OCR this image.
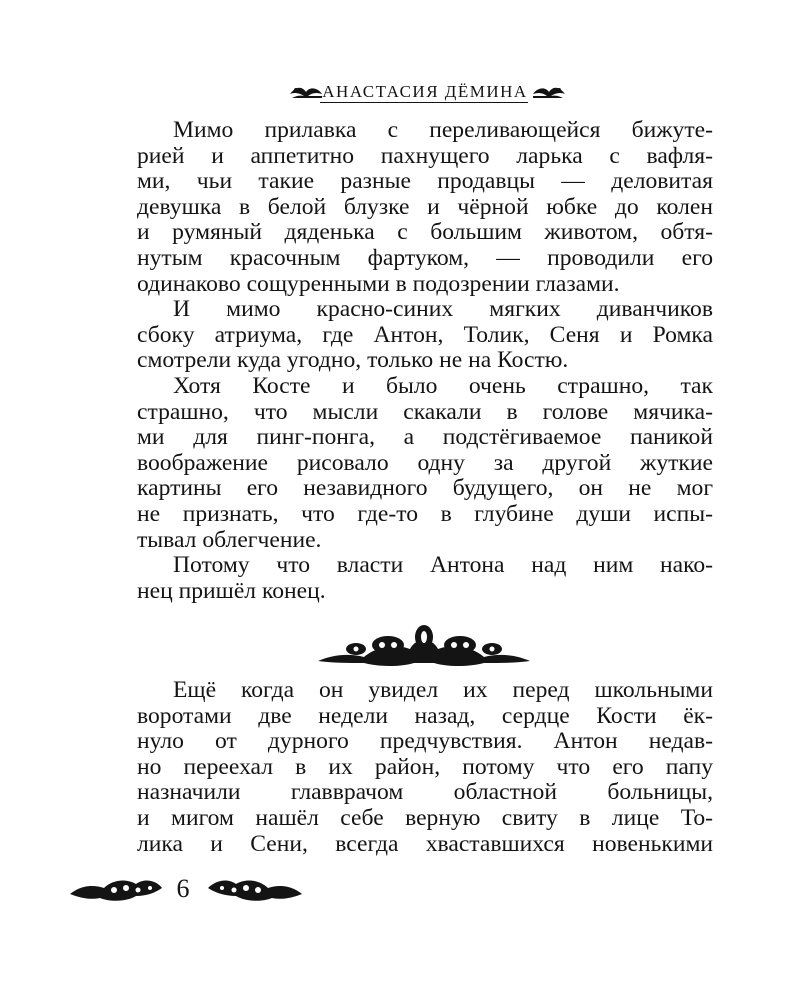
АНАСТАСИЯ ДЁМИНА
Мимо прилавка с переливающейся бижуте-
рией и аппетитно пахнущего ларька с вафля-
ми, чьи такие разные продавцы — деловитая
девушка в белой блузке и чёрной юбке до колен
и румяный дяденька с большим животом, обтя-
нутым красочным фартуком, — проводили его
одинаково сощуренными в подозрении глазами.
И мимо красно-синих мягких диванчиков
сбоку атриума, где Антон, Толик, Сеня и Ромка
смотрели куда угодно, только не на Костю.
Хотя Косте и было очень страшно, так
страшно, что мысли скакали в голове мячика-
ми для пинг-понга, а подстёгиваемое паникой
воображение рисовало одну за другой жуткие
картины его незавидного будущего, он не мог
не признать, что где-то в глубине души испы-
тывал облегчение.
Потому что власти Антона над ним нако-
нец пришёл конец.
Ещё когда он увидел их перед школьными
воротами две недели назад, сердце Кости ёк-
нуло от дурного предчувствия. Антон недав-
но переехал в их район, потому что его папу
назначили главврачом областной больницы,
и мигом нашёл себе верную свиту в лице То-
лика и Сени, всегда хваставшихся новенькими
6
